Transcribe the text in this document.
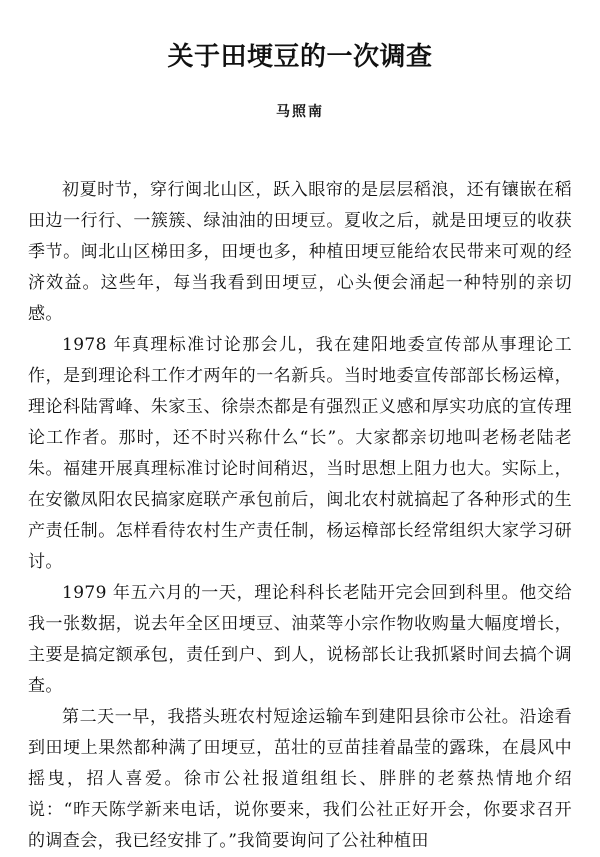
关于田埂豆的一次调查
马照南

初夏时节，穿行闽北山区，跃入眼帘的是层层稻浪，还有镶嵌在稻田边一行行、一簇簇、绿油油的田埂豆。夏收之后，就是田埂豆的收获季节。闽北山区梯田多，田埂也多，种植田埂豆能给农民带来可观的经济效益。这些年，每当我看到田埂豆，心头便会涌起一种特别的亲切感。

1978 年真理标准讨论那会儿，我在建阳地委宣传部从事理论工作，是到理论科工作才两年的一名新兵。当时地委宣传部部长杨运樟，理论科陆霄峰、朱家玉、徐崇杰都是有强烈正义感和厚实功底的宣传理论工作者。那时，还不时兴称什么“长”。大家都亲切地叫老杨老陆老朱。福建开展真理标准讨论时间稍迟，当时思想上阻力也大。实际上，在安徽凤阳农民搞家庭联产承包前后，闽北农村就搞起了各种形式的生产责任制。怎样看待农村生产责任制，杨运樟部长经常组织大家学习研讨。

1979 年五六月的一天，理论科科长老陆开完会回到科里。他交给我一张数据，说去年全区田埂豆、油菜等小宗作物收购量大幅度增长，主要是搞定额承包，责任到户、到人，说杨部长让我抓紧时间去搞个调查。

第二天一早，我搭头班农村短途运输车到建阳县徐市公社。沿途看到田埂上果然都种满了田埂豆，茁壮的豆苗挂着晶莹的露珠，在晨风中摇曳，招人喜爱。徐市公社报道组组长、胖胖的老蔡热情地介绍说：“昨天陈学新来电话，说你要来，我们公社正好开会，你要求召开的调查会，我已经安排了。”我简要询问了公社种植田
